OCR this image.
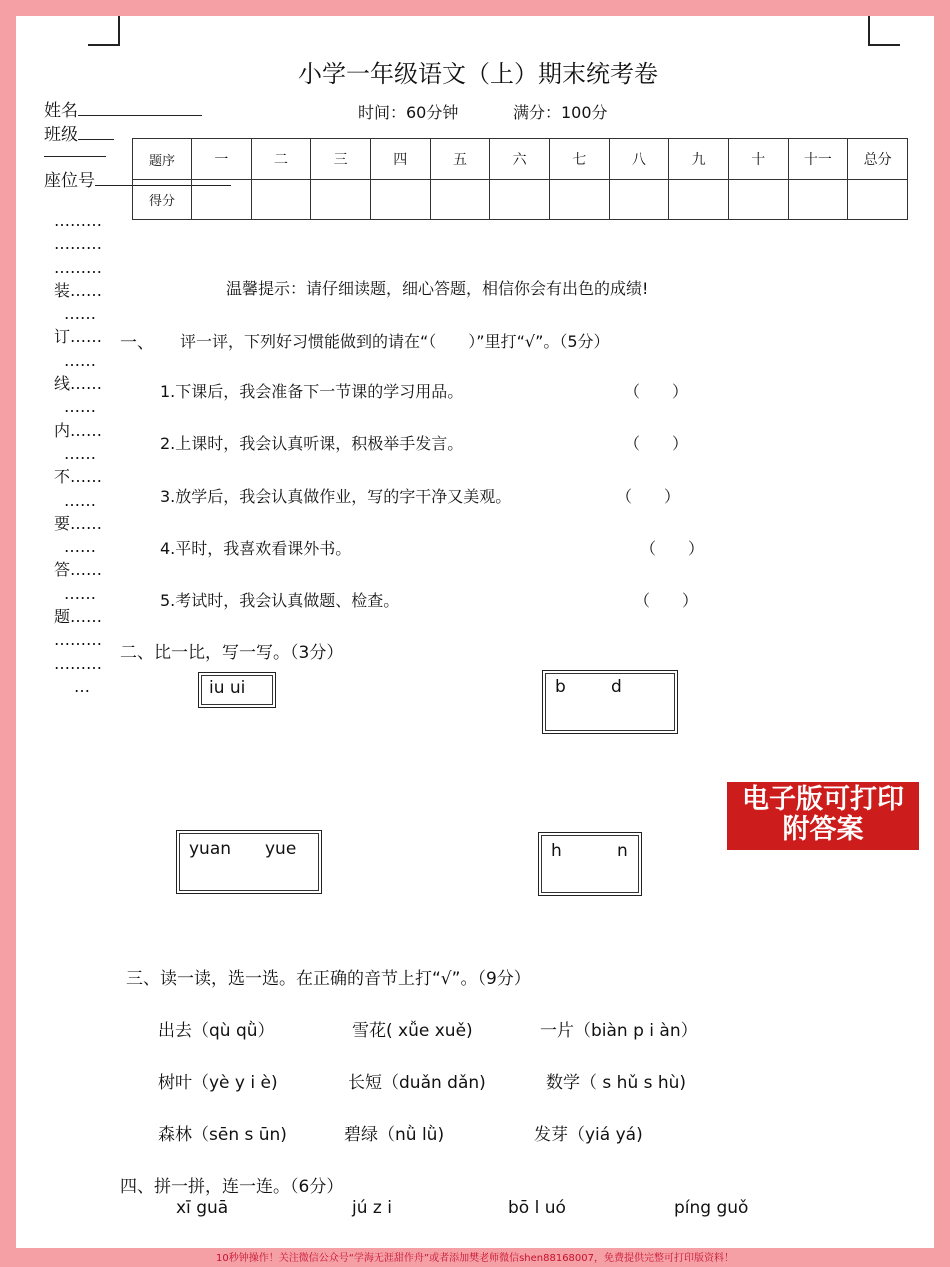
小学一年级语文（上）期末统考卷
姓名	时间：60分钟	满分：100分
班级
座位号
题序	一	二	三	四	五	六	七	八	九	十	十一	总分
得分												
………
………
………
装……
……
订……
……
线……
……
内……
……
不……
……
要……
……
答……
……
题……
………
………
…
温馨提示：请仔细读题，细心答题，相信你会有出色的成绩!
一、 评一评，下列好习惯能做到的请在“（　　）”里打“√”。（5分）
1.下课后，我会准备下一节课的学习用品。	（　　）
2.上课时，我会认真听课，积极举手发言。	（　　）
3.放学后，我会认真做作业，写的字干净又美观。	（　　）
4.平时，我喜欢看课外书。	（　　）
5.考试时，我会认真做题、检查。	（　　）
二、比一比，写一写。（3分）
iu ui	b	d
yuan yue	h	n
三、读一读，选一选。在正确的音节上打“√”。（9分）
出去（qù qǜ）	雪花( xǚe xuě)	一片（biàn p i àn）
树叶（yè y i è)	长短（duǎn dǎn)	数学（ s hǔ s hù)
森林（sēn s ūn)	碧绿（nǜ lǜ)	发芽（yiá yá)
四、拼一拼，连一连。（6分）
xī guā	jú z i	bō l uó	píng guǒ
电子版可打印
附答案
10秒钟操作！关注微信公众号“学海无涯甜作舟”或者添加樊老师微信shen88168007，免费提供完整可打印版资料！
